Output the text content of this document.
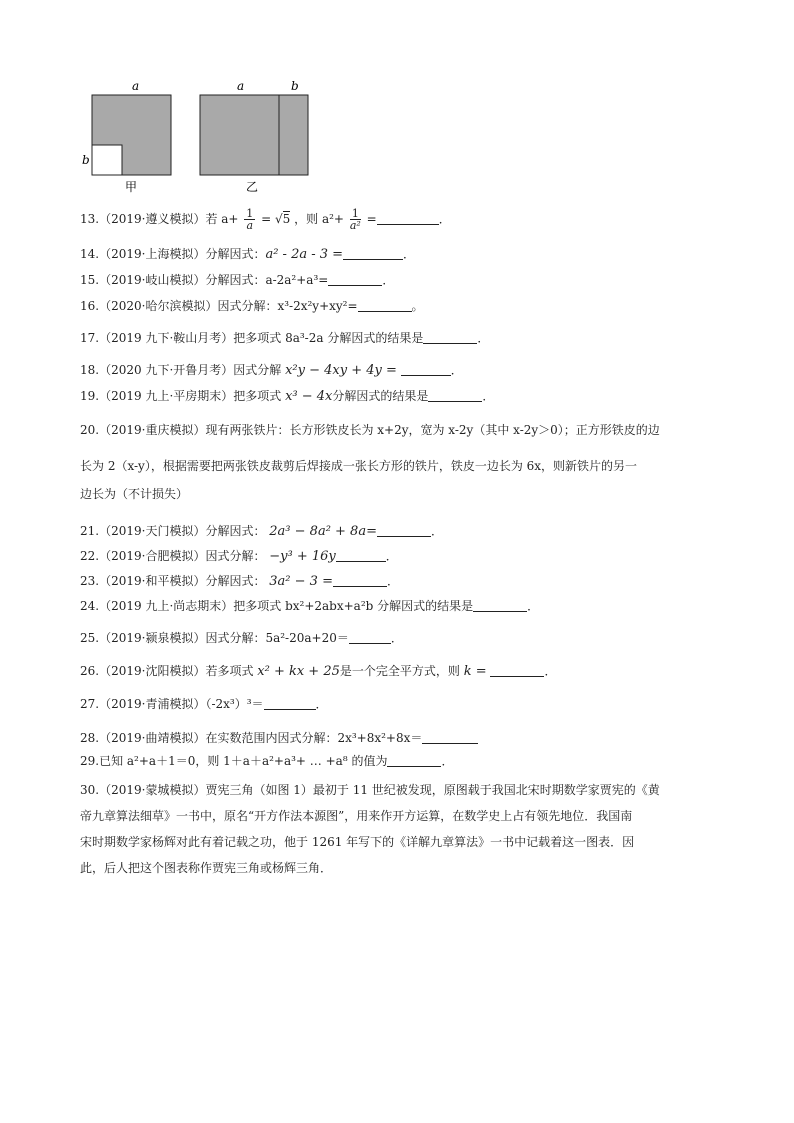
a
b
甲
a	b
乙
13.（2019·遵义模拟）若 $a+ \frac{1}{a} = √5$ ，则 $a^2+ \frac{1}{\text{a²}}$ =	．
14.（2019·上海模拟）分解因式：a² - 2a - 3 =	．
15.（2019·岐山模拟）分解因式：a-2a²+a³=	．
16.（2020·哈尔滨模拟）因式分解：x³-2x²y+xy²=	。
17.（2019 九下·鞍山月考）把多项式 8a³-2a 分解因式的结果是	．
18.（2020 九下·开鲁月考）因式分解 x²y − 4xy + 4y =	．
19.（2019 九上·平房期末）把多项式 x³ − 4x分解因式的结果是	．
20.（2019·重庆模拟）现有两张铁片：长方形铁皮长为 x+2y，宽为 x-2y（其中 x-2y＞0）；正方形铁皮的边
长为 2（x-y），根据需要把两张铁皮裁剪后焊接成一张长方形的铁片，铁皮一边长为 6x，则新铁片的另一
边长为（不计损失）
21.（2019·天门模拟）分解因式： 2a³ − 8a² + 8a=	．
22.（2019·合肥模拟）因式分解： −y³ + 16y	．
23.（2019·和平模拟）分解因式： 3a² − 3 =	．
24.（2019 九上·尚志期末）把多项式 bx²+2abx+a²b 分解因式的结果是	．
25.（2019·颍泉模拟）因式分解：5a²-20a+20＝	．
26.（2019·沈阳模拟）若多项式 x² + kx + 25是一个完全平方式，则 k =	．
27.（2019·青浦模拟）（-2x³）³＝	．
28.（2019·曲靖模拟）在实数范围内因式分解：2x³+8x²+8x＝
29.已知 a²+a＋1＝0，则 1＋a＋a²+a³+ … +a⁸ 的值为	．
30.（2019·蒙城模拟）贾宪三角（如图 1）最初于 11 世纪被发现，原图载于我国北宋时期数学家贾宪的《黄
帝九章算法细草》一书中，原名“开方作法本源图”，用来作开方运算，在数学史上占有领先地位．我国南
宋时期数学家杨辉对此有着记载之功，他于 1261 年写下的《详解九章算法》一书中记载着这一图表．因
此，后人把这个图表称作贾宪三角或杨辉三角．
